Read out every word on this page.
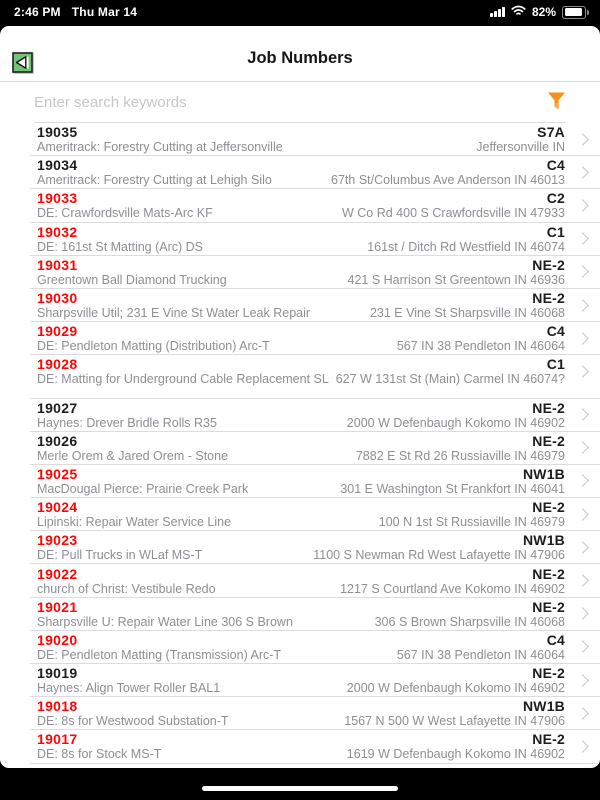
2:46 PM Thu Mar 14	82%
Job Numbers
Enter search keywords
19035
Ameritrack: Forestry Cutting at Jeffersonville
S7A
Jeffersonville IN
19034
Ameritrack: Forestry Cutting at Lehigh Silo
C4
67th St/Columbus Ave Anderson IN 46013
19033
DE: Crawfordsville Mats-Arc KF
C2
W Co Rd 400 S Crawfordsville IN 47933
19032
DE: 161st St Matting (Arc) DS
C1
161st / Ditch Rd Westfield IN 46074
19031
Greentown Ball Diamond Trucking
NE-2
421 S Harrison St Greentown IN 46936
19030
Sharpsville Util; 231 E Vine St Water Leak Repair
NE-2
231 E Vine St Sharpsville IN 46068
19029
DE: Pendleton Matting (Distribution) Arc-T
C4
567 IN 38 Pendleton IN 46064
19028
DE: Matting for Underground Cable Replacement SL
C1
627 W 131st St (Main) Carmel IN 46074?
19027
Haynes: Drever Bridle Rolls R35
NE-2
2000 W Defenbaugh Kokomo IN 46902
19026
Merle Orem & Jared Orem - Stone
NE-2
7882 E St Rd 26 Russiaville IN 46979
19025
MacDougal Pierce: Prairie Creek Park
NW1B
301 E Washington St Frankfort IN 46041
19024
Lipinski: Repair Water Service Line
NE-2
100 N 1st St Russiaville IN 46979
19023
DE: Pull Trucks in WLaf MS-T
NW1B
1100 S Newman Rd West Lafayette IN 47906
19022
church of Christ: Vestibule Redo
NE-2
1217 S Courtland Ave Kokomo IN 46902
19021
Sharpsville U: Repair Water Line 306 S Brown
NE-2
306 S Brown Sharpsville IN 46068
19020
DE: Pendleton Matting (Transmission) Arc-T
C4
567 IN 38 Pendleton IN 46064
19019
Haynes: Align Tower Roller BAL1
NE-2
2000 W Defenbaugh Kokomo IN 46902
19018
DE: 8s for Westwood Substation-T
NW1B
1567 N 500 W West Lafayette IN 47906
19017
DE: 8s for Stock MS-T
NE-2
1619 W Defenbaugh Kokomo IN 46902
